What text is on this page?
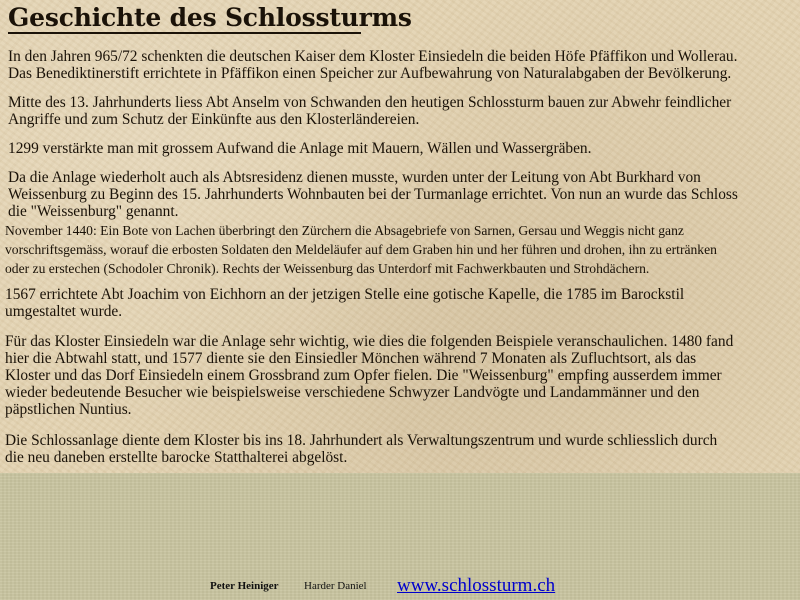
Geschichte des Schlossturms
In den Jahren 965/72 schenkten die deutschen Kaiser dem Kloster Einsiedeln die beiden Höfe Pfäffikon und Wollerau.
Das Benediktinerstift errichtete in Pfäffikon einen Speicher zur Aufbewahrung von Naturalabgaben der Bevölkerung.
Mitte des 13. Jahrhunderts liess Abt Anselm von Schwanden den heutigen Schlossturm bauen zur Abwehr feindlicher
Angriffe und zum Schutz der Einkünfte aus den Klosterländereien.
1299 verstärkte man mit grossem Aufwand die Anlage mit Mauern, Wällen und Wassergräben.
Da die Anlage wiederholt auch als Abtsresidenz dienen musste, wurden unter der Leitung von Abt Burkhard von
Weissenburg zu Beginn des 15. Jahrhunderts Wohnbauten bei der Turmanlage errichtet. Von nun an wurde das Schloss
die "Weissenburg" genannt.
November 1440: Ein Bote von Lachen überbringt den Zürchern die Absagebriefe von Sarnen, Gersau und Weggis nicht ganz
vorschriftsgemäss, worauf die erbosten Soldaten den Meldeläufer auf dem Graben hin und her führen und drohen, ihn zu ertränken
oder zu erstechen (Schodoler Chronik). Rechts der Weissenburg das Unterdorf mit Fachwerkbauten und Strohdächern.
1567 errichtete Abt Joachim von Eichhorn an der jetzigen Stelle eine gotische Kapelle, die 1785 im Barockstil
umgestaltet wurde.
Für das Kloster Einsiedeln war die Anlage sehr wichtig, wie dies die folgenden Beispiele veranschaulichen. 1480 fand
hier die Abtwahl statt, und 1577 diente sie den Einsiedler Mönchen während 7 Monaten als Zufluchtsort, als das
Kloster und das Dorf Einsiedeln einem Grossbrand zum Opfer fielen. Die "Weissenburg" empfing ausserdem immer
wieder bedeutende Besucher wie beispielsweise verschiedene Schwyzer Landvögte und Landammänner und den
päpstlichen Nuntius.
Die Schlossanlage diente dem Kloster bis ins 18. Jahrhundert als Verwaltungszentrum und wurde schliesslich durch
die neu daneben erstellte barocke Statthalterei abgelöst.
Peter Heiniger Harder Daniel www.schlossturm.ch
